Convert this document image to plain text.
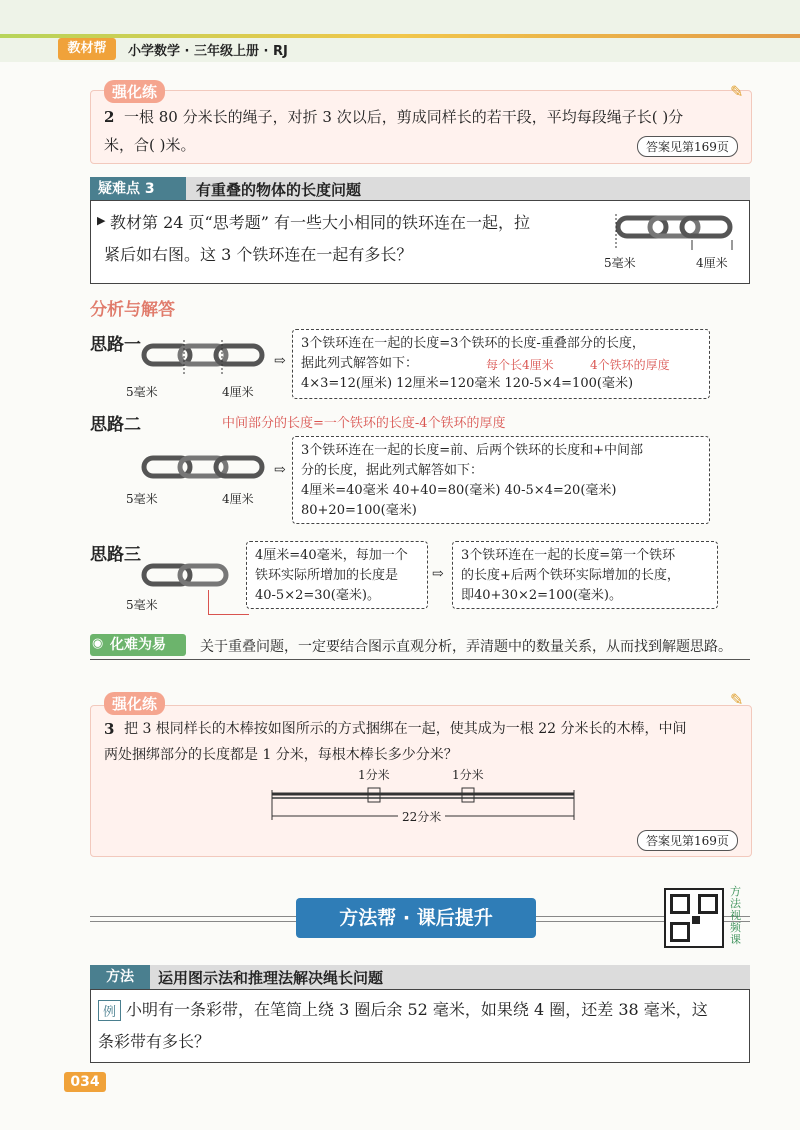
教材帮	小学数学 · 三年级上册 · RJ
强化练	✎
2 一根 80 分米长的绳子，对折 3 次以后，剪成同样长的若干段，平均每段绳子长( )分
米，合( )米。	答案见第169页
疑难点 3	有重叠的物体的长度问题
▶ 教材第 24 页“思考题” 有一些大小相同的铁环连在一起，拉
紧后如右图。这 3 个铁环连在一起有多长？	5毫米	4厘米
分析与解答
思路一
5毫米	4厘米
⇨
3个铁环连在一起的长度=3个铁环的长度-重叠部分的长度，
据此列式解答如下：
4×3=12(厘米) 12厘米=120毫米 120-5×4=100(毫米)
每个长4厘米	4个铁环的厚度
思路二	中间部分的长度=一个铁环的长度-4个铁环的厚度
5毫米	4厘米
⇨
3个铁环连在一起的长度=前、后两个铁环的长度和+中间部
分的长度，据此列式解答如下：
4厘米=40毫米 40+40=80(毫米) 40-5×4=20(毫米)
80+20=100(毫米)
思路三
5毫米
4厘米=40毫米，每加一个
铁环实际所增加的长度是
40-5×2=30(毫米)。
⇨
3个铁环连在一起的长度=第一个铁环
的长度+后两个铁环实际增加的长度，
即40+30×2=100(毫米)。
化难为易
◉	关于重叠问题，一定要结合图示直观分析，弄清题中的数量关系，从而找到解题思路。
强化练	✎
3 把 3 根同样长的木棒按如图所示的方式捆绑在一起，使其成为一根 22 分米长的木棒，中间
两处捆绑部分的长度都是 1 分米，每根木棒长多少分米？
1分米	1分米
22分米
答案见第169页
方法帮 · 课后提升
方法视频课
方法	运用图示法和推理法解决绳长问题
例 小明有一条彩带，在笔筒上绕 3 圈后余 52 毫米，如果绕 4 圈，还差 38 毫米，这
条彩带有多长？
034
